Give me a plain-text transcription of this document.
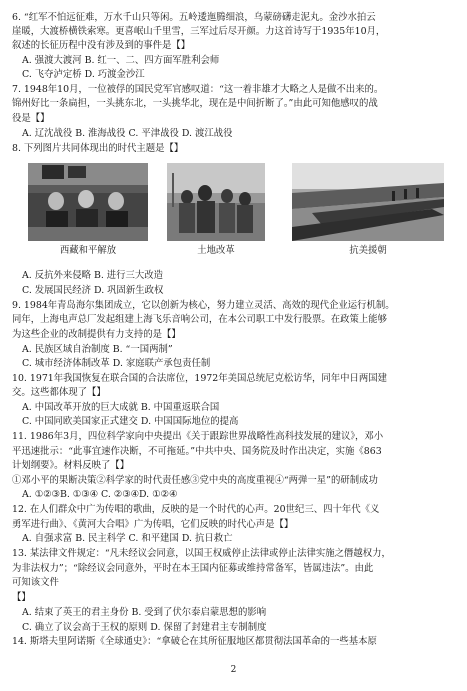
6. “红军不怕远征难，万水千山只等闲。五岭逶迤腾细浪，乌蒙磅礴走泥丸。金沙水拍云
崖暖，大渡桥横铁索寒。更喜岷山千里雪，三军过后尽开颜。力这首诗写于1935年10月，
叙述的长征历程中没有涉及到的事件是【】
A. 强渡大渡河 B. 红一、二、四方面军胜利会师
C. 飞夺泸定桥 D. 巧渡金沙江
7. 1948年10月，一位被俘的国民党军官感叹道：“这一着非雄才大略之人是做不出来的。
锦州好比一条扁担，一头挑东北，一头挑华北，现在是中间折断了。”由此可知他感叹的战
役是【】
A. 辽沈战役 B. 淮海战役 C. 平津战役 D. 渡江战役
8. 下列图片共同体现出的时代主题是【】
西藏和平解放	土地改革	抗美援朝
A. 反抗外来侵略 B. 进行三大改造
C. 发展国民经济 D. 巩固新生政权
9. 1984年青岛海尔集团成立，它以创新为核心，努力建立灵活、高效的现代企业运行机制。
同年，上海电声总厂发起组建上海飞乐音响公司，在本公司职工中发行股票。在政策上能够
为这些企业的改制提供有力支持的是【】
A. 民族区域自治制度 B. “一国两制”
C. 城市经济体制改革 D. 家庭联产承包责任制
10. 1971年我国恢复在联合国的合法席位，1972年美国总统尼克松访华，同年中日两国建
交。这些都体现了【】
A. 中国改革开放的巨大成就 B. 中国重返联合国
C. 中国同欧美国家正式建交 D. 中国国际地位的提高
11. 1986年3月，四位科学家向中央提出《关于跟踪世界战略性高科技发展的建议》，邓小
平迅速批示：“此事宜速作决断，不可拖延。”中共中央、国务院及时作出决定，实施《863
计划纲要》。材料反映了【】
①邓小平的果断决策②科学家的时代责任感③党中央的高度重视④“两弹一星”的研制成功
A. ①②③B. ①③④ C. ②③④D. ①②④
12. 在人们群众中广为传唱的歌曲，反映的是一个时代的心声。20世纪三、四十年代《义
勇军进行曲》、《黄河大合唱》广为传唱，它们反映的时代心声是【】
A. 自强求富 B. 民主科学 C. 和平建国 D. 抗日救亡
13. 某法律文件规定：“凡未经议会同意，以国王权威停止法律或停止法律实施之僭越权力，
为非法权力”；“除经议会同意外，平时在本王国内征募或维持常备军，皆属违法”。由此
可知该文件
【】
A. 结束了英王的君主身份 B. 受到了伏尔泰启蒙思想的影响
C. 确立了议会高于王权的原则 D. 保留了封建君主专制制度
14. 斯塔夫里阿诺斯《全球通史》：“拿破仑在其所征服地区都贯彻法国革命的一些基本原
2
